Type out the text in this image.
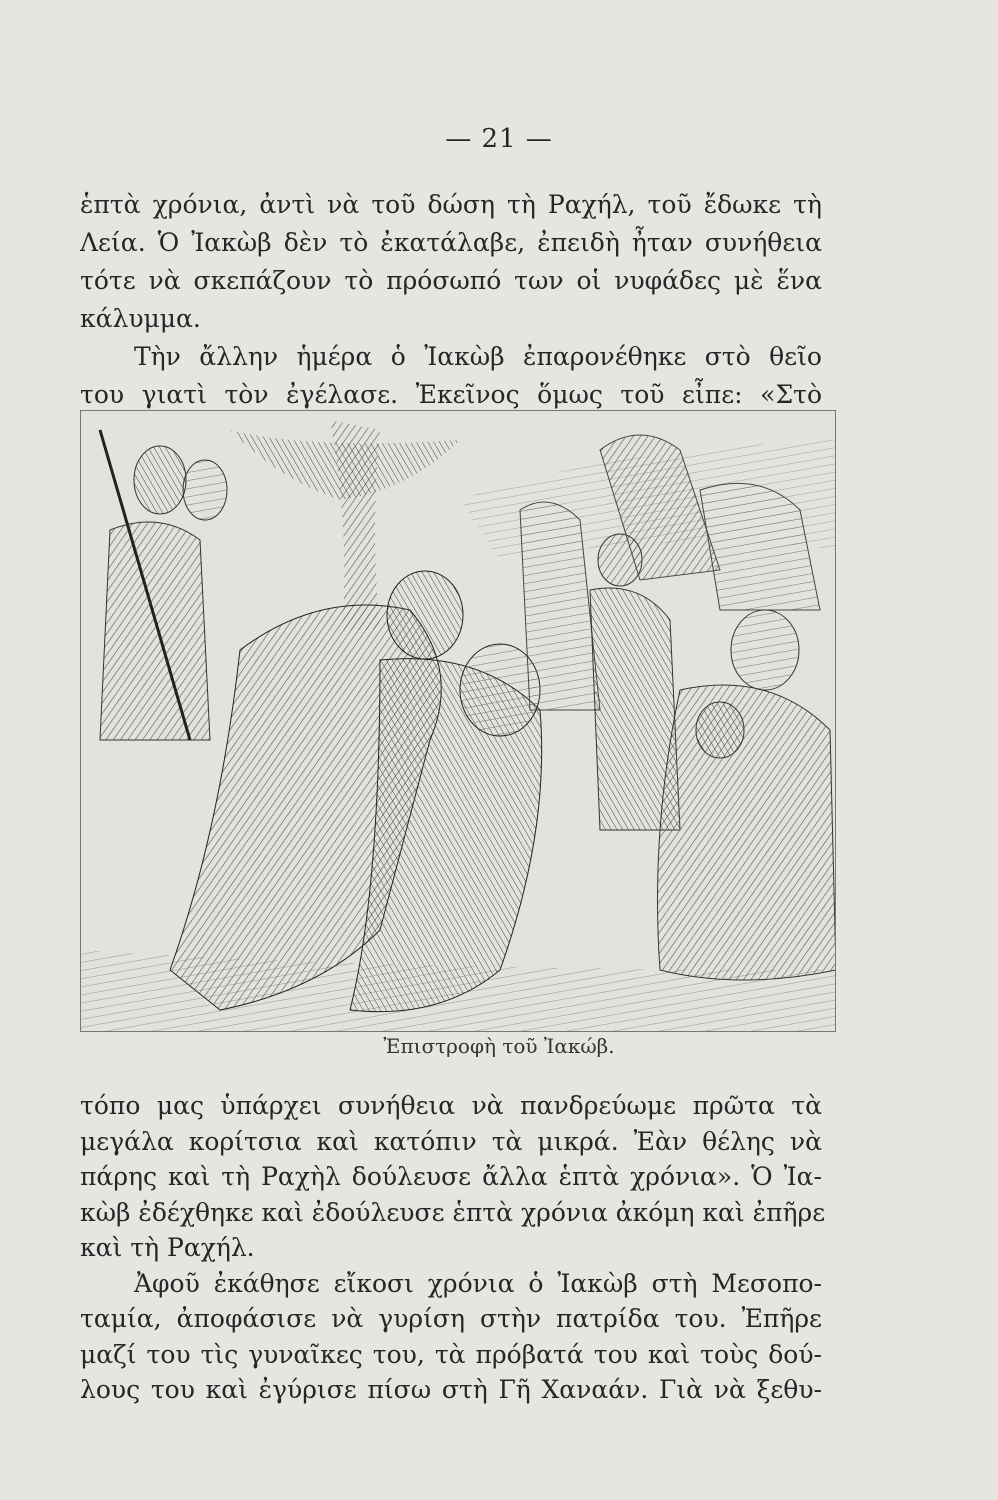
— 21 —
ἑπτὰ χρόνια, ἀντὶ νὰ τοῦ δώση τὴ Ραχήλ, τοῦ ἔδωκε τὴ
Λεία. Ὁ Ἰακὼβ δὲν τὸ ἐκατάλαβε, ἐπειδὴ ἦταν συνήθεια
τότε νὰ σκεπάζουν τὸ πρόσωπό των οἱ νυφάδες μὲ ἕνα
κάλυμμα.
Τὴν ἄλλην ἡμέρα ὁ Ἰακὼβ ἐπαρονέθηκε στὸ θεῖο
του γιατὶ τὸν ἐγέλασε. Ἐκεῖνος ὅμως τοῦ εἶπε: «Στὸ
Ἐπιστροφὴ τοῦ Ἰακώβ.
τόπο μας ὑπάρχει συνήθεια νὰ πανδρεύωμε πρῶτα τὰ
μεγάλα κορίτσια καὶ κατόπιν τὰ μικρά. Ἐὰν θέλης νὰ
πάρης καὶ τὴ Ραχὴλ δούλευσε ἄλλα ἑπτὰ χρόνια». Ὁ Ἰα-
κὼβ ἐδέχθηκε καὶ ἐδούλευσε ἑπτὰ χρόνια ἀκόμη καὶ ἐπῆρε
καὶ τὴ Ραχήλ.
Ἀφοῦ ἐκάθησε εἴκοσι χρόνια ὁ Ἰακὼβ στὴ Μεσοπο-
ταμία, ἀποφάσισε νὰ γυρίση στὴν πατρίδα του. Ἐπῆρε
μαζί του τὶς γυναῖκες του, τὰ πρόβατά του καὶ τοὺς δού-
λους του καὶ ἐγύρισε πίσω στὴ Γῆ Χαναάν. Γιὰ νὰ ξεθυ-
